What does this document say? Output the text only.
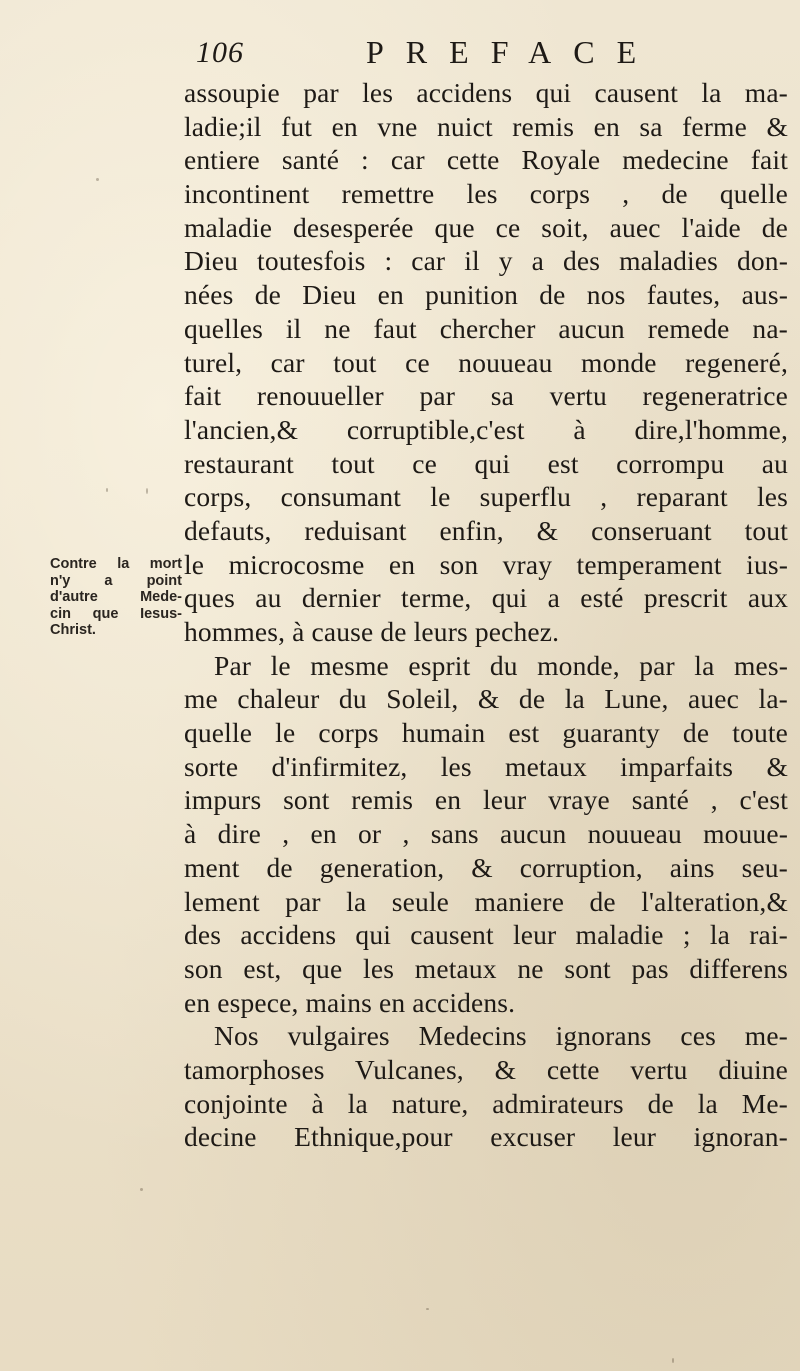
106	PREFACE
Contre la mort
n'y a point
d'autre Mede-
cin que Iesus-
Christ.
assoupie par les accidens qui causent la ma-
ladie;il fut en vne nuict remis en sa ferme &
entiere santé : car cette Royale medecine fait
incontinent remettre les corps , de quelle
maladie desesperée que ce soit, auec l'aide de
Dieu toutesfois : car il y a des maladies don-
nées de Dieu en punition de nos fautes, aus-
quelles il ne faut chercher aucun remede na-
turel, car tout ce nouueau monde regeneré,
fait renouueller par sa vertu regeneratrice
l'ancien,& corruptible,c'est à dire,l'homme,
restaurant tout ce qui est corrompu au
corps, consumant le superflu , reparant les
defauts, reduisant enfin, & conseruant tout
le microcosme en son vray temperament ius-
ques au dernier terme, qui a esté prescrit aux
hommes, à cause de leurs pechez.
Par le mesme esprit du monde, par la mes-
me chaleur du Soleil, & de la Lune, auec la-
quelle le corps humain est guaranty de toute
sorte d'infirmitez, les metaux imparfaits &
impurs sont remis en leur vraye santé , c'est
à dire , en or , sans aucun nouueau mouue-
ment de generation, & corruption, ains seu-
lement par la seule maniere de l'alteration,&
des accidens qui causent leur maladie ; la rai-
son est, que les metaux ne sont pas differens
en espece, mains en accidens.
Nos vulgaires Medecins ignorans ces me-
tamorphoses Vulcanes, & cette vertu diuine
conjointe à la nature, admirateurs de la Me-
decine Ethnique,pour excuser leur ignoran-
